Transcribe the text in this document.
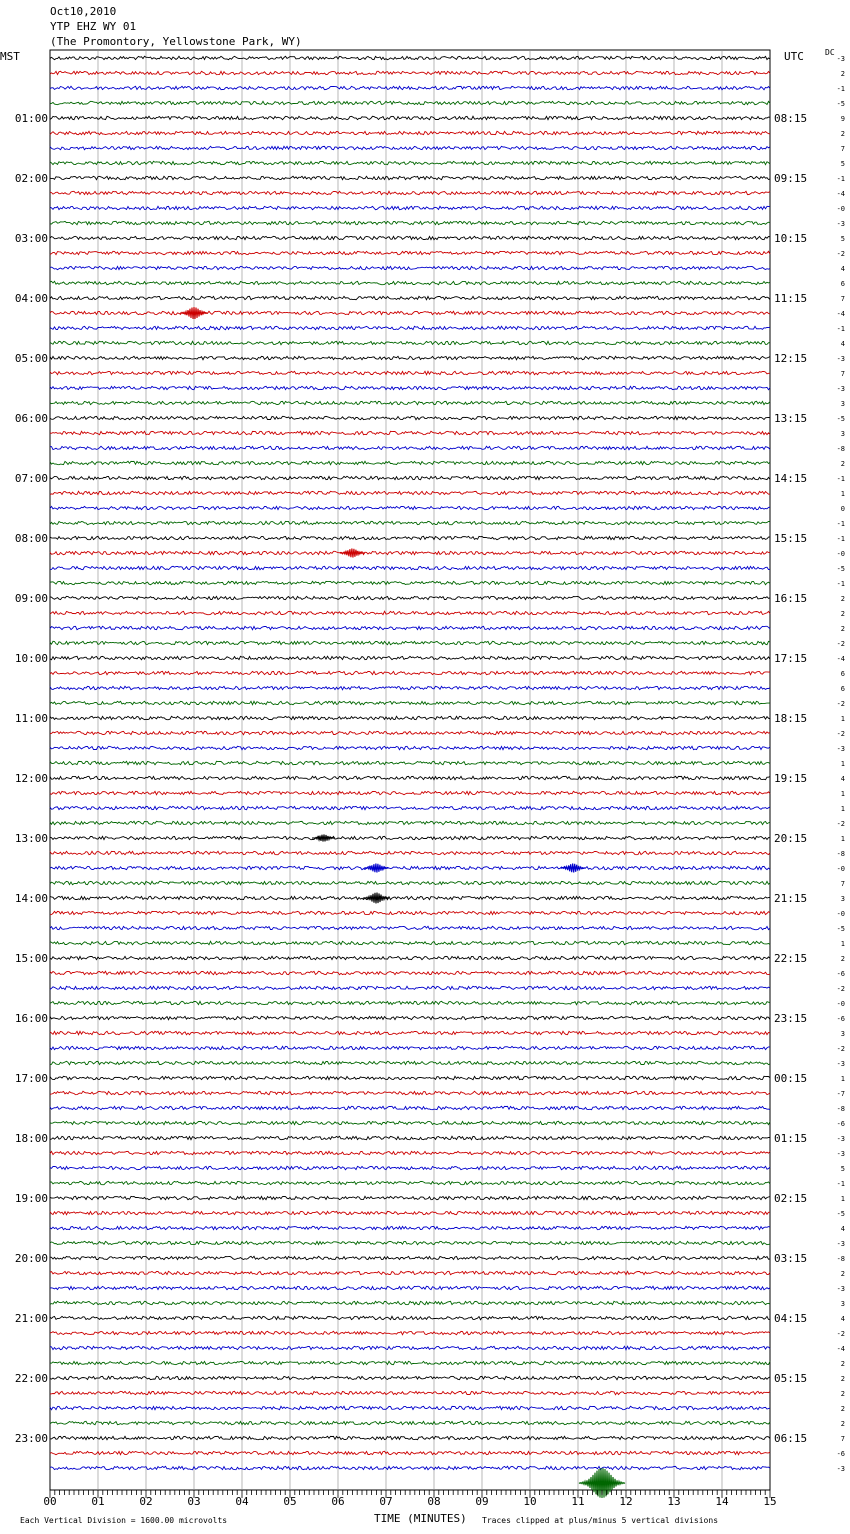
Oct10,2010
YTP EHZ WY 01
(The Promontory, Yellowstone Park, WY)
MST	UTC	DC
01:00
02:00
03:00
04:00
05:00
06:00
07:00
08:00
09:00
10:00
11:00
12:00
13:00
14:00
15:00
16:00
17:00
18:00
19:00
20:00
21:00
22:00
23:00
08:15
09:15
10:15
11:15
12:15
13:15
14:15
15:15
16:15
17:15
18:15
19:15
20:15
21:15
22:15
23:15
00:15
01:15
02:15
03:15
04:15
05:15
06:15
-3
2
-1
-5
9
2
7
5
-1
-4
-0
-3
5
-2
4
6
7
-4
-1
4
-3
7
-3
3
-5
3
-8
2
-1
1
0
-1
-1
-0
-5
-1
2
2
2
-2
-4
6
6
-2
1
-2
-3
1
4
1
1
-2
1
-8
-0
7
3
-0
-5
1
2
-6
-2
-0
-6
3
-2
-3
1
-7
-8
-6
-3
-3
5
-1
1
-5
4
-3
-8
2
-3
3
4
-2
-4
2
2
2
2
2
7
-6
-3
00	01	02	03	04	05	06	07	08	09	10	11	12	13	14	15
Each Vertical Division = 1600.00 microvolts	TIME (MINUTES) Traces clipped at plus/minus 5 vertical divisions
